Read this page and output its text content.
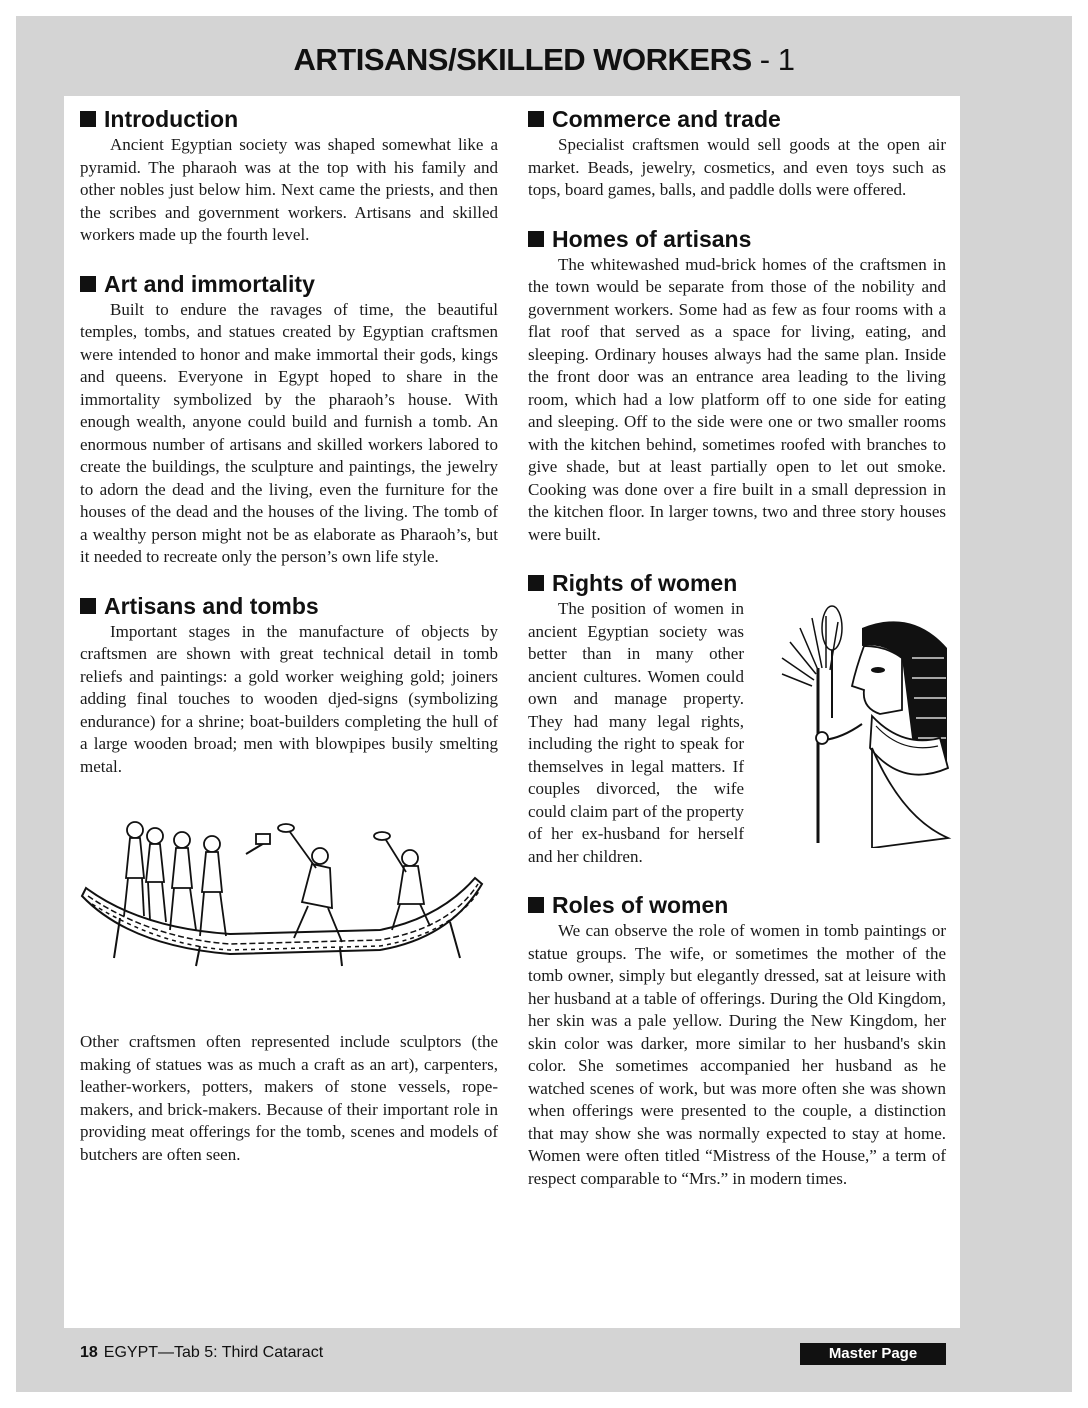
ARTISANS/SKILLED WORKERS - 1
Introduction

Ancient Egyptian society was shaped somewhat like a pyramid. The pharaoh was at the top with his family and other nobles just below him. Next came the priests, and then the scribes and government workers. Artisans and skilled workers made up the fourth level.

Art and immortality

Built to endure the ravages of time, the beautiful temples, tombs, and statues created by Egyptian craftsmen were intended to honor and make immortal their gods, kings and queens. Everyone in Egypt hoped to share in the immortality symbolized by the pharaoh’s house. With enough wealth, anyone could build and furnish a tomb. An enormous number of artisans and skilled workers labored to create the buildings, the sculpture and paintings, the jewelry to adorn the dead and the living, even the furniture for the houses of the dead and the houses of the living. The tomb of a wealthy person might not be as elaborate as Pharaoh’s, but it needed to recreate only the person’s own life style.

Artisans and tombs

Important stages in the manufacture of objects by craftsmen are shown with great technical detail in tomb reliefs and paintings: a gold worker weighing gold; joiners adding final touches to wooden djed-signs (symbolizing endurance) for a shrine; boat-builders completing the hull of a large wooden broad; men with blowpipes busily smelting metal.

Other craftsmen often represented include sculptors (the making of statues was as much a craft as an art), carpenters, leather-workers, potters, makers of stone vessels, rope-makers, and brick-makers. Because of their important role in providing meat offerings for the tomb, scenes and models of butchers are often seen.

Commerce and trade

Specialist craftsmen would sell goods at the open air market. Beads, jewelry, cosmetics, and even toys such as tops, board games, balls, and paddle dolls were offered.

Homes of artisans

The whitewashed mud-brick homes of the craftsmen in the town would be separate from those of the nobility and government workers. Some had as few as four rooms with a flat roof that served as a space for living, eating, and sleeping. Ordinary houses always had the same plan. Inside the front door was an entrance area leading to the living room, which had a low platform off to one side for eating and sleeping. Off to the side were one or two smaller rooms with the kitchen behind, sometimes roofed with branches to give shade, but at least partially open to let out smoke. Cooking was done over a fire built in a small depression in the kitchen floor. In larger towns, two and three story houses were built.

Rights of women

The position of women in ancient Egyptian society was better than in many other ancient cultures. Women could own and manage property. They had many legal rights, including the right to speak for themselves in legal matters. If couples divorced, the wife could claim part of the property of her ex-husband for herself and her children.

Roles of women

We can observe the role of women in tomb paintings or statue groups. The wife, or sometimes the mother of the tomb owner, simply but elegantly dressed, sat at leisure with her husband at a table of offerings. During the Old Kingdom, her skin was a pale yellow. During the New Kingdom, her skin color was darker, more similar to her husband's skin color. She sometimes accompanied her husband as he watched scenes of work, but was more often she was shown when offerings were presented to the couple, a distinction that may show she was normally expected to stay at home. Women were often titled “Mistress of the House,” a term of respect comparable to “Mrs.” in modern times.

18 EGYPT—Tab 5: Third Cataract	Master Page
